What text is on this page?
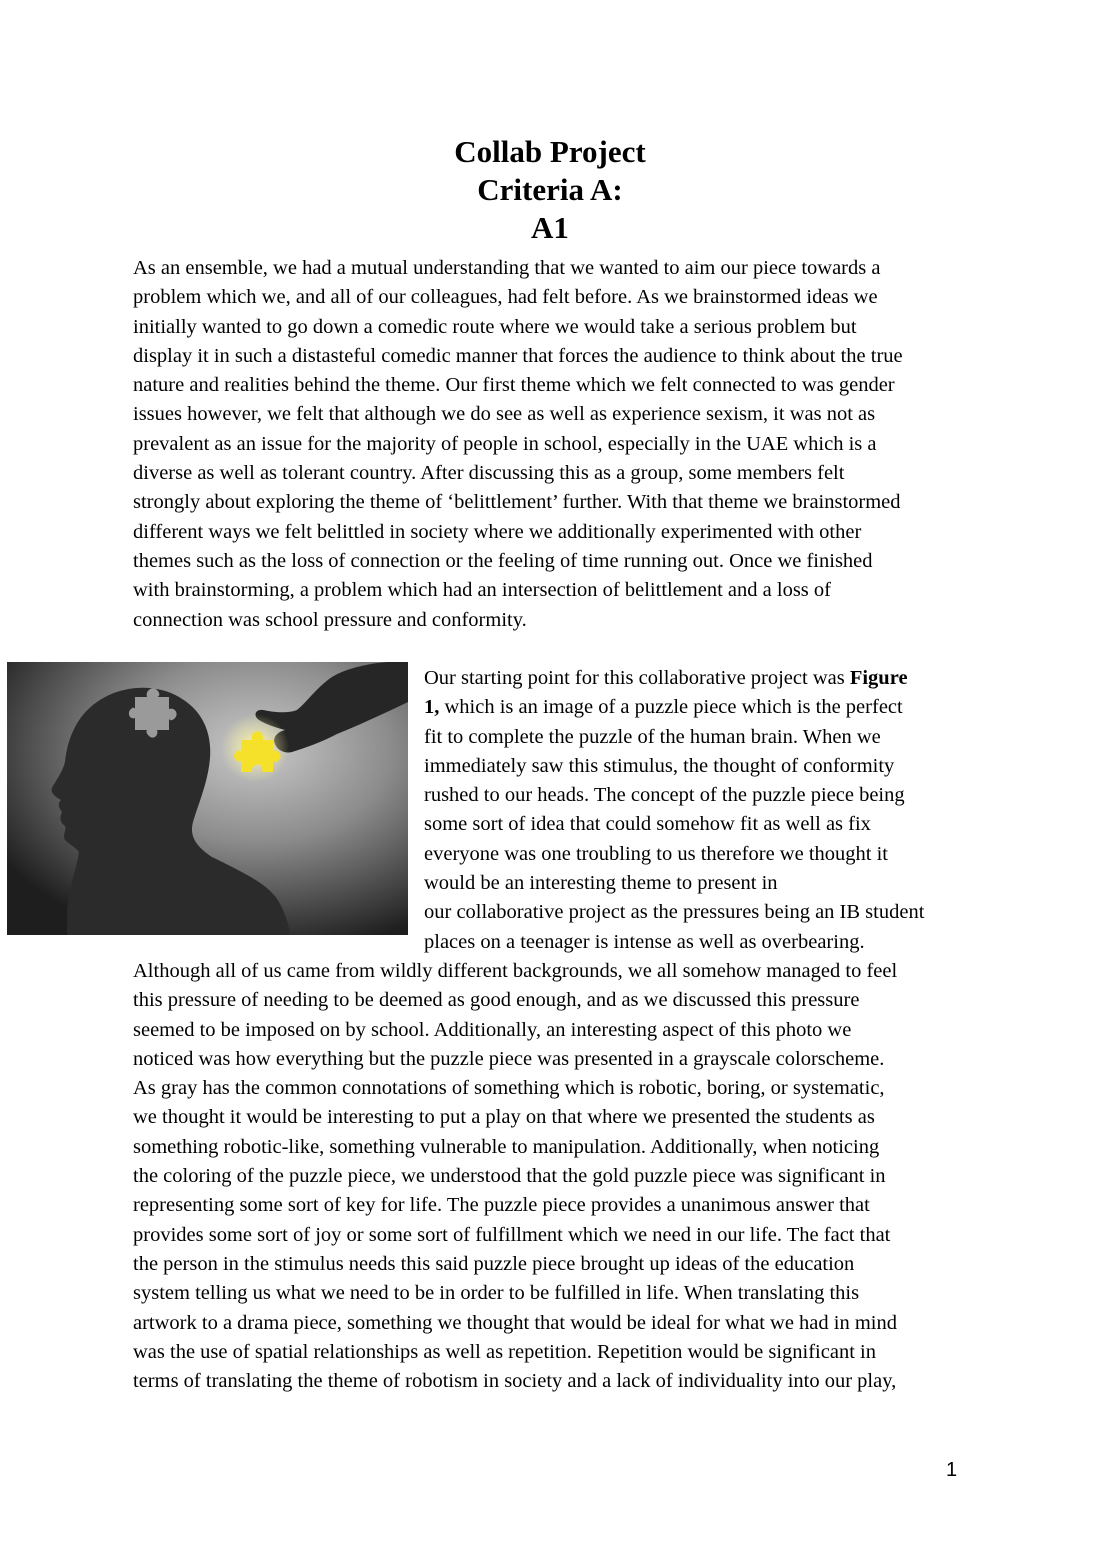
Collab Project
Criteria A:
A1
As an ensemble, we had a mutual understanding that we wanted to aim our piece towards a
problem which we, and all of our colleagues, had felt before. As we brainstormed ideas we
initially wanted to go down a comedic route where we would take a serious problem but
display it in such a distasteful comedic manner that forces the audience to think about the true
nature and realities behind the theme. Our first theme which we felt connected to was gender
issues however, we felt that although we do see as well as experience sexism, it was not as
prevalent as an issue for the majority of people in school, especially in the UAE which is a
diverse as well as tolerant country. After discussing this as a group, some members felt
strongly about exploring the theme of ‘belittlement’ further. With that theme we brainstormed
different ways we felt belittled in society where we additionally experimented with other
themes such as the loss of connection or the feeling of time running out. Once we finished
with brainstorming, a problem which had an intersection of belittlement and a loss of
connection was school pressure and conformity.
Our starting point for this collaborative project was Figure
1, which is an image of a puzzle piece which is the perfect
fit to complete the puzzle of the human brain. When we
immediately saw this stimulus, the thought of conformity
rushed to our heads. The concept of the puzzle piece being
some sort of idea that could somehow fit as well as fix
everyone was one troubling to us therefore we thought it
would be an interesting theme to present in
our collaborative project as the pressures being an IB student
places on a teenager is intense as well as overbearing.
Although all of us came from wildly different backgrounds, we all somehow managed to feel
this pressure of needing to be deemed as good enough, and as we discussed this pressure
seemed to be imposed on by school. Additionally, an interesting aspect of this photo we
noticed was how everything but the puzzle piece was presented in a grayscale colorscheme.
As gray has the common connotations of something which is robotic, boring, or systematic,
we thought it would be interesting to put a play on that where we presented the students as
something robotic-like, something vulnerable to manipulation. Additionally, when noticing
the coloring of the puzzle piece, we understood that the gold puzzle piece was significant in
representing some sort of key for life. The puzzle piece provides a unanimous answer that
provides some sort of joy or some sort of fulfillment which we need in our life. The fact that
the person in the stimulus needs this said puzzle piece brought up ideas of the education
system telling us what we need to be in order to be fulfilled in life. When translating this
artwork to a drama piece, something we thought that would be ideal for what we had in mind
was the use of spatial relationships as well as repetition. Repetition would be significant in
terms of translating the theme of robotism in society and a lack of individuality into our play,
1
